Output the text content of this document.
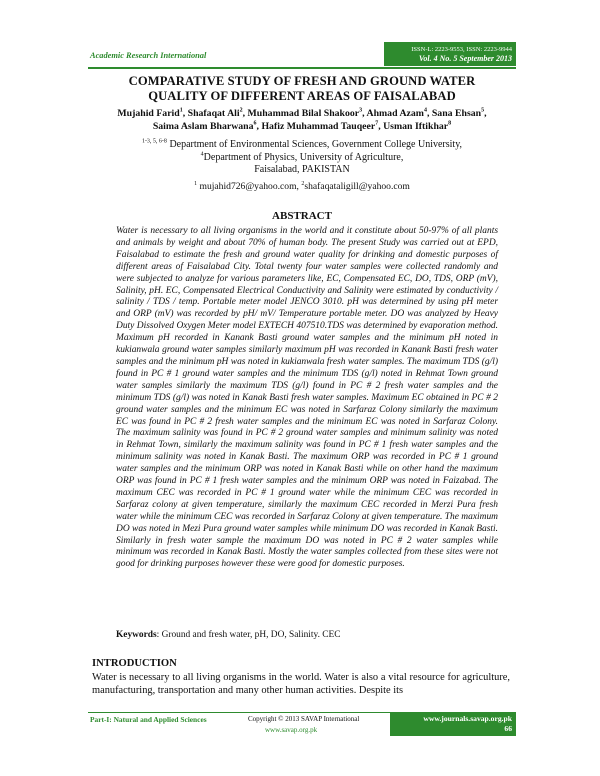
Academic Research International
ISSN-L: 2223-9553, ISSN: 2223-9944
Vol. 4 No. 5 September 2013
COMPARATIVE STUDY OF FRESH AND GROUND WATER
QUALITY OF DIFFERENT AREAS OF FAISALABAD
Mujahid Farid$^1$, Shafaqat Ali$^2$, Muhammad Bilal Shakoor$^3$, Ahmad Azam$^4$, Sana Ehsan$^5$,
Saima Aslam Bharwana$^6$, Hafiz Muhammad Tauqeer$^7$, Usman Iftikhar$^8$
$^{1-3, 5, 6-8}$ Department of Environmental Sciences, Government College University,
$^4$Department of Physics, University of Agriculture,
Faisalabad, PAKISTAN
$^1$ mujahid726@yahoo.com, $^2$shafaqataligill@yahoo.com
ABSTRACT
Water is necessary to all living organisms in the world and it constitute about 50-97% of all plants and animals by weight and about 70% of human body. The present Study was carried out at EPD, Faisalabad to estimate the fresh and ground water quality for drinking and domestic purposes of different areas of Faisalabad City. Total twenty four water samples were collected randomly and were subjected to analyze for various parameters like, EC, Compensated EC, DO, TDS, ORP (mV), Salinity, pH. EC, Compensated Electrical Conductivity and Salinity were estimated by conductivity / salinity / TDS / temp. Portable meter model JENCO 3010. pH was determined by using pH meter and ORP (mV) was recorded by pH/ mV/ Temperature portable meter. DO was analyzed by Heavy Duty Dissolved Oxygen Meter model EXTECH 407510.TDS was determined by evaporation method. Maximum pH recorded in Kanank Basti ground water samples and the minimum pH noted in kukianwala ground water samples similarly maximum pH was recorded in Kanank Basti fresh water samples and the minimum pH was noted in kukianwala fresh water samples. The maximum TDS (g/l) found in PC # 1 ground water samples and the minimum TDS (g/l) noted in Rehmat Town ground water samples similarly the maximum TDS (g/l) found in PC # 2 fresh water samples and the minimum TDS (g/l) was noted in Kanak Basti fresh water samples. Maximum EC obtained in PC # 2 ground water samples and the minimum EC was noted in Sarfaraz Colony similarly the maximum EC was found in PC # 2 fresh water samples and the minimum EC was noted in Sarfaraz Colony. The maximum salinity was found in PC # 2 ground water samples and minimum salinity was noted in Rehmat Town, similarly the maximum salinity was found in PC # 1 fresh water samples and the minimum salinity was noted in Kanak Basti. The maximum ORP was recorded in PC # 1 ground water samples and the minimum ORP was noted in Kanak Basti while on other hand the maximum ORP was found in PC # 1 fresh water samples and the minimum ORP was noted in Faizabad. The maximum CEC was recorded in PC # 1 ground water while the minimum CEC was recorded in Sarfaraz colony at given temperature, similarly the maximum CEC recorded in Merzi Pura fresh water while the minimum CEC was recorded in Sarfaraz Colony at given temperature. The maximum DO was noted in Mezi Pura ground water samples while minimum DO was recorded in Kanak Basti. Similarly in fresh water sample the maximum DO was noted in PC # 2 water samples while minimum was recorded in Kanak Basti. Mostly the water samples collected from these sites were not good for drinking purposes however these were good for domestic purposes.
Keywords: Ground and fresh water, pH, DO, Salinity. CEC
INTRODUCTION
Water is necessary to all living organisms in the world. Water is also a vital resource for agriculture, manufacturing, transportation and many other human activities. Despite its
Part-I: Natural and Applied Sciences	Copyright © 2013 SAVAP International
www.savap.org.pk
www.journals.savap.org.pk
66
